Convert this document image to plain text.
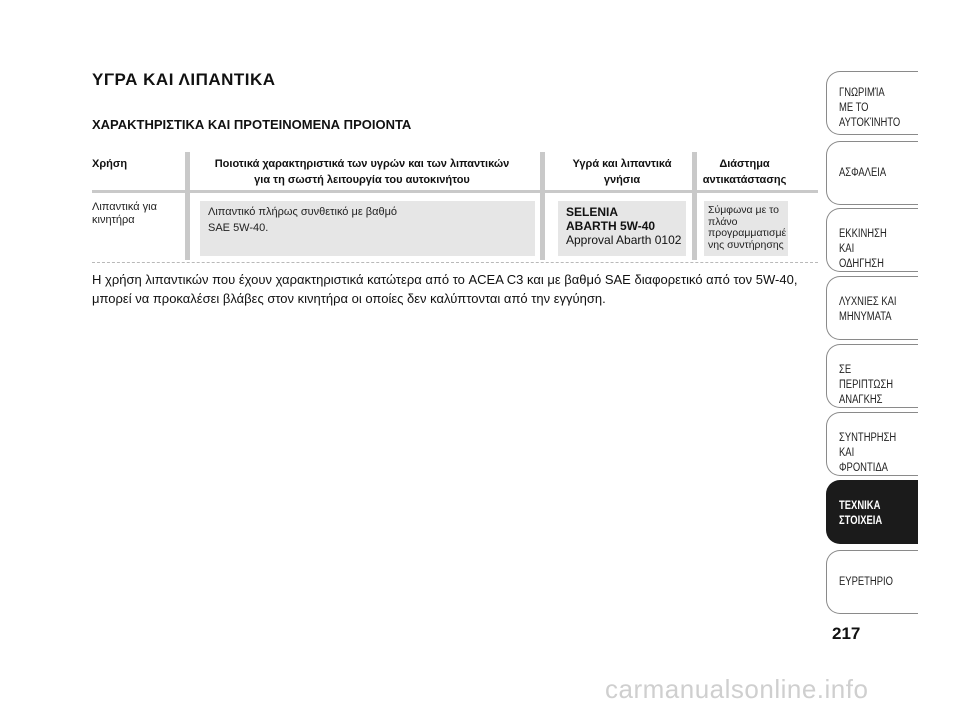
ΥΓΡΑ ΚΑΙ ΛΙΠΑΝΤΙΚΑ
ΧΑΡΑΚΤΗΡΙΣΤΙΚΑ ΚΑΙ ΠΡΟΤΕΙΝΟΜΕΝΑ ΠΡΟΙΟΝΤΑ
Χρήση	Ποιοτικά χαρακτηριστικά των υγρών και των λιπαντικών
για τη σωστή λειτουργία του αυτοκινήτου
Υγρά και λιπαντικά
γνήσια
Διάστημα
αντικατάστασης
Λιπαντικά για
κινητήρα
Λιπαντικό πλήρως συνθετικό με βαθμό
SAE 5W-40.
SELENIA
ABARTH 5W-40
Approval Abarth 0102
Σύμφωνα με το
πλάνο
προγραμματισμέ
νης συντήρησης
Η χρήση λιπαντικών που έχουν χαρακτηριστικά κατώτερα από το ACEA C3 και με βαθμό SAE διαφορετικό από τον 5W-40,
μπορεί να προκαλέσει βλάβες στον κινητήρα οι οποίες δεν καλύπτονται από την εγγύηση.
ΓΝΩΡΙΜΊΑ
ΜΕ ΤΟ
ΑΥΤΟΚΊΝΗΤΟ
ΑΣΦΑΛΕΙΑ
ΕΚΚΙΝΗΣΗ ΚΑΙ
ΟΔΗΓΗΣΗ
ΛΥΧΝΙΕΣ ΚΑΙ
ΜΗΝΥΜΑΤΑ
ΣΕ ΠΕΡΙΠΤΩΣΗ
ΑΝΑΓΚΗΣ
ΣΥΝΤΗΡΗΣΗ
ΚΑΙ ΦΡΟΝΤΙΔΑ
ΤΕΧΝΙΚΑ
ΣΤΟΙΧΕΙΑ
ΕΥΡΕΤΗΡΙΟ
217
carmanualsonline.info
